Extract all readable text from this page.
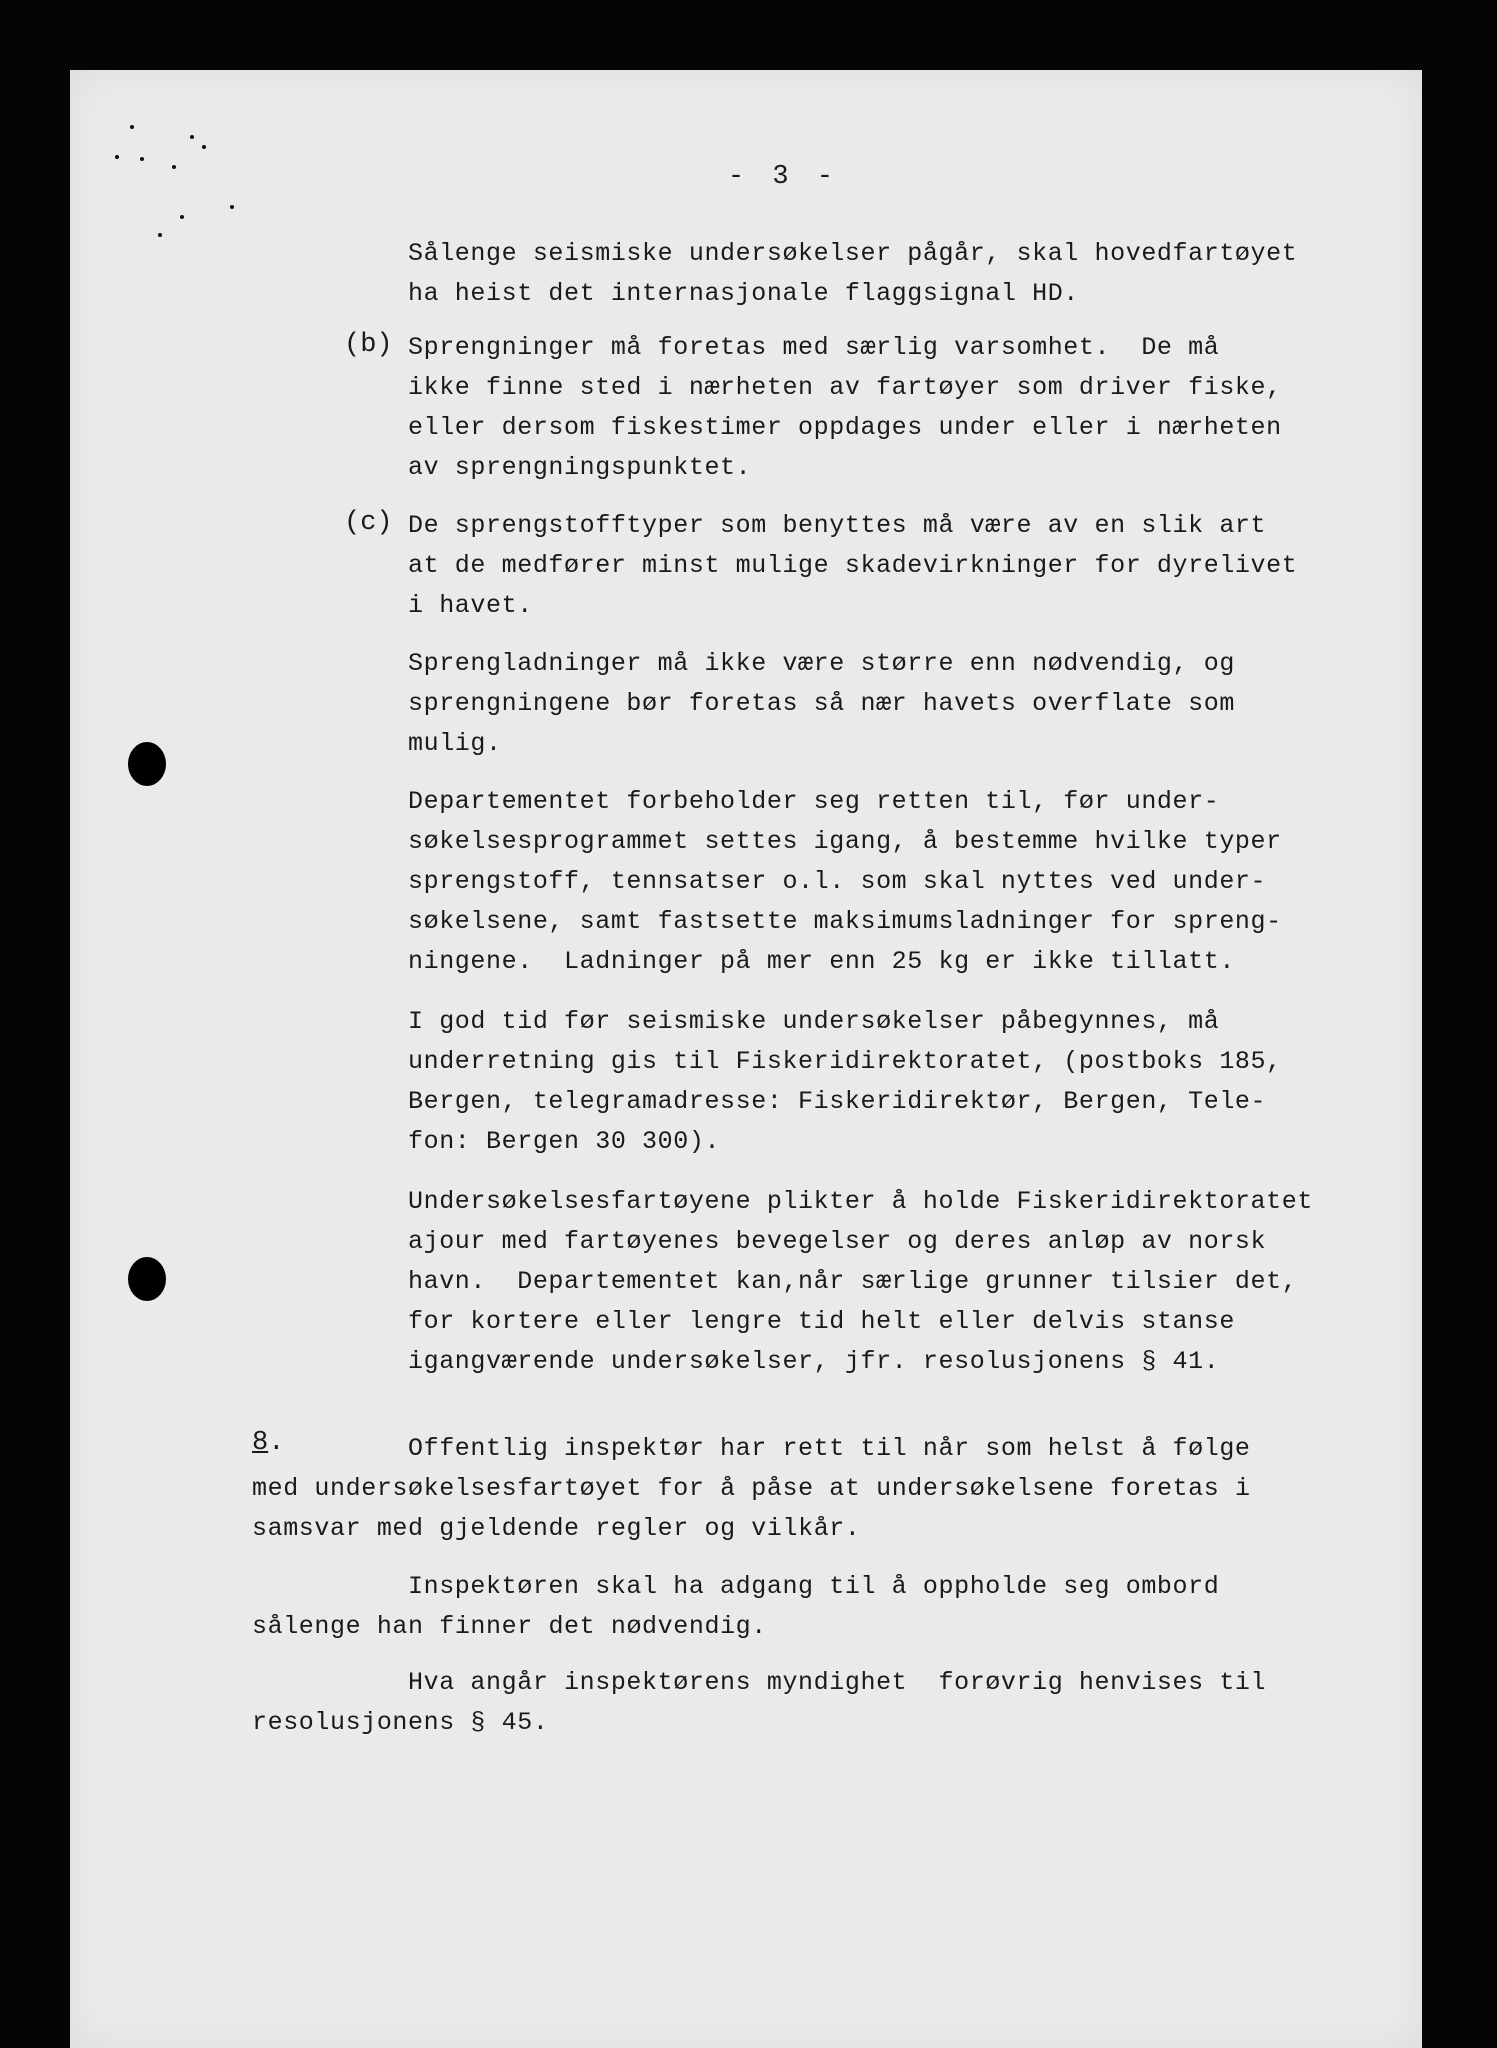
- 3 -
Sålenge seismiske undersøkelser pågår, skal hovedfartøyet
ha heist det internasjonale flaggsignal HD.
(b) Sprengninger må foretas med særlig varsomhet.  De må
ikke finne sted i nærheten av fartøyer som driver fiske,
eller dersom fiskestimer oppdages under eller i nærheten
av sprengningspunktet.
(c) De sprengstofftyper som benyttes må være av en slik art
at de medfører minst mulige skadevirkninger for dyrelivet
i havet.
Sprengladninger må ikke være større enn nødvendig, og
sprengningene bør foretas så nær havets overflate som
mulig.
Departementet forbeholder seg retten til, før under-
søkelsesprogrammet settes igang, å bestemme hvilke typer
sprengstoff, tennsatser o.l. som skal nyttes ved under-
søkelsene, samt fastsette maksimumsladninger for spreng-
ningene.  Ladninger på mer enn 25 kg er ikke tillatt.
I god tid før seismiske undersøkelser påbegynnes, må
underretning gis til Fiskeridirektoratet, (postboks 185,
Bergen, telegramadresse: Fiskeridirektør, Bergen, Tele-
fon: Bergen 30 300).
Undersøkelsesfartøyene plikter å holde Fiskeridirektoratet
ajour med fartøyenes bevegelser og deres anløp av norsk
havn.  Departementet kan,når særlige grunner tilsier det,
for kortere eller lengre tid helt eller delvis stanse
igangværende undersøkelser, jfr. resolusjonens § 41.
8.	Offentlig inspektør har rett til når som helst å følge
med undersøkelsesfartøyet for å påse at undersøkelsene foretas i
samsvar med gjeldende regler og vilkår.
Inspektøren skal ha adgang til å oppholde seg ombord
sålenge han finner det nødvendig.
Hva angår inspektørens myndighet  forøvrig henvises til
resolusjonens § 45.
